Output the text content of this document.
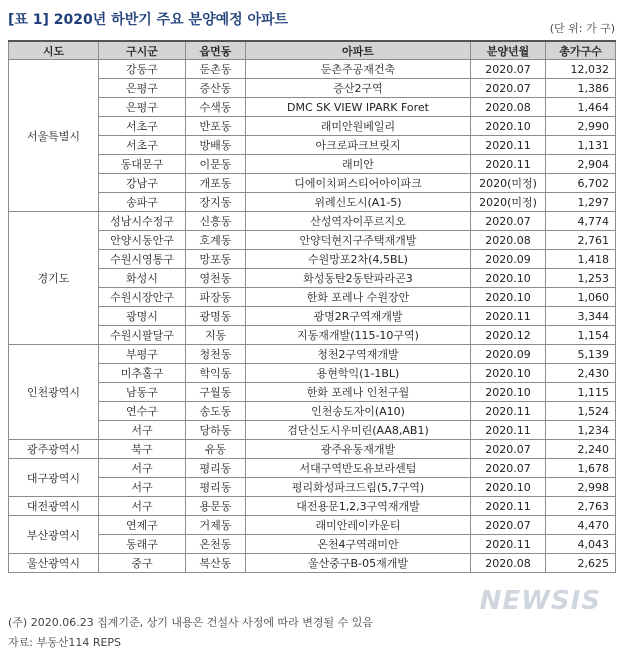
[표 1] 2020년 하반기 주요 분양예정 아파트
(단 위: 가 구)
시도	구시군	읍면동	아파트	분양년월	총가구수
서울특별시	강동구	둔촌동	둔촌주공재건축	2020.07	12,032
	은평구	증산동	증산2구역	2020.07	1,386
	은평구	수색동	DMC SK VIEW IPARK Foret	2020.08	1,464
	서초구	반포동	래미안원베일리	2020.10	2,990
	서초구	방배동	아크로파크브릿지	2020.11	1,131
	동대문구	이문동	래미안	2020.11	2,904
	강남구	개포동	디에이치퍼스티어아이파크	2020(미정)	6,702
	송파구	장지동	위례신도시(A1-5)	2020(미정)	1,297
경기도	성남시수정구	신흥동	산성역자이푸르지오	2020.07	4,774
	안양시동안구	호계동	안양덕현지구주택재개발	2020.08	2,761
	수원시영통구	망포동	수원망포2차(4,5BL)	2020.09	1,418
	화성시	영천동	화성동탄2동탄파라곤3	2020.10	1,253
	수원시장안구	파장동	한화 포레나 수원장안	2020.10	1,060
	광명시	광명동	광명2R구역재개발	2020.11	3,344
	수원시팔달구	지동	지동재개발(115-10구역)	2020.12	1,154
인천광역시	부평구	청천동	청천2구역재개발	2020.09	5,139
	미추홀구	학익동	용현학익(1-1BL)	2020.10	2,430
	남동구	구월동	한화 포레나 인천구월	2020.10	1,115
	연수구	송도동	인천송도자이(A10)	2020.11	1,524
	서구	당하동	검단신도시우미린(AA8,AB1)	2020.11	1,234
광주광역시	북구	유동	광주유동재개발	2020.07	2,240
대구광역시	서구	평리동	서대구역반도유보라센텀	2020.07	1,678
	서구	평리동	평리화성파크드림(5,7구역)	2020.10	2,998
대전광역시	서구	용문동	대전용문1,2,3구역재개발	2020.11	2,763
부산광역시	연제구	거제동	래미안레이카운티	2020.07	4,470
	동래구	온천동	온천4구역래미안	2020.11	4,043
울산광역시	중구	복산동	울산중구B-05재개발	2020.08	2,625
NEWSIS
(주) 2020.06.23 집계기준, 상기 내용은 건설사 사정에 따라 변경될 수 있음
자료: 부동산114 REPS
